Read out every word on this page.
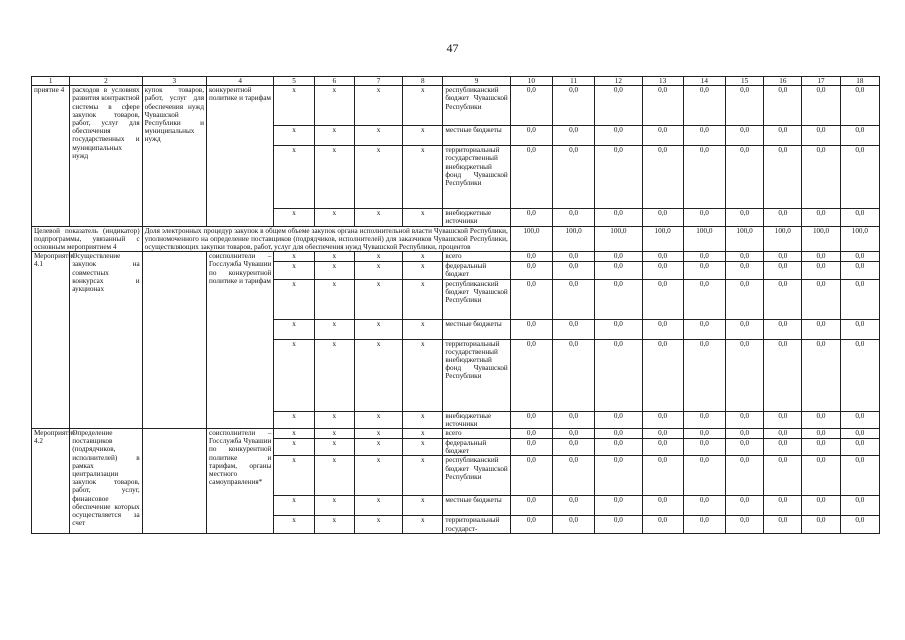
47
1	2	3	4	5	6	7	8	9	10	11	12	13	14	15	16	17	18
приятие 4	расходов в условиях развития контрактной системы в сфере закупок товаров, работ, услуг для обеспечения государственных и муниципальных нужд	купок товаров, работ, услуг для обеспечения нужд Чувашской Республики и муниципальных нужд	конкурентной политике и тарифам	x	x	x	x	республиканский бюджет Чувашской Республики	0,0	0,0	0,0	0,0	0,0	0,0	0,0	0,0	0,0
				x	x	x	x	местные бюджеты	0,0	0,0	0,0	0,0	0,0	0,0	0,0	0,0	0,0
				x	x	x	x	территориальный государственный внебюджетный фонд Чувашской Республики	0,0	0,0	0,0	0,0	0,0	0,0	0,0	0,0	0,0
				x	x	x	x	внебюджетные источники	0,0	0,0	0,0	0,0	0,0	0,0	0,0	0,0	0,0
Целевой показатель (индикатор) подпрограммы, увязанный с основным мероприятием 4		Доля электронных процедур закупок в общем объеме закупок органа исполнительной власти Чувашской Республики, уполномоченного на определение поставщиков (подрядчиков, исполнителей) для заказчиков Чувашской Республики, осуществляющих закупки товаров, работ, услуг для обеспечения нужд Чувашской Республики, процентов							100,0	100,0	100,0	100,0	100,0	100,0	100,0	100,0	100,0
Мероприятие 4.1	Осуществление закупок на совместных конкурсах и аукционах		соисполнители – Госслужба Чувашии по конкурентной политике и тарифам	x	x	x	x	всего	0,0	0,0	0,0	0,0	0,0	0,0	0,0	0,0	0,0
				x	x	x	x	федеральный бюджет	0,0	0,0	0,0	0,0	0,0	0,0	0,0	0,0	0,0
				x	x	x	x	республиканский бюджет Чувашской Республики	0,0	0,0	0,0	0,0	0,0	0,0	0,0	0,0	0,0
				x	x	x	x	местные бюджеты	0,0	0,0	0,0	0,0	0,0	0,0	0,0	0,0	0,0
				x	x	x	x	территориальный государственный внебюджетный фонд Чувашской Республики	0,0	0,0	0,0	0,0	0,0	0,0	0,0	0,0	0,0
				x	x	x	x	внебюджетные источники	0,0	0,0	0,0	0,0	0,0	0,0	0,0	0,0	0,0
Мероприятие 4.2	Определение поставщиков (подрядчиков, исполнителей) в рамках централизации закупок товаров, работ, услуг, финансовое обеспечение которых осуществляется за счет		соисполнители – Госслужба Чувашии по конкурентной политике и тарифам, органы местного самоуправления*	x	x	x	x	всего	0,0	0,0	0,0	0,0	0,0	0,0	0,0	0,0	0,0
				x	x	x	x	федеральный бюджет	0,0	0,0	0,0	0,0	0,0	0,0	0,0	0,0	0,0
				x	x	x	x	республиканский бюджет Чувашской Республики	0,0	0,0	0,0	0,0	0,0	0,0	0,0	0,0	0,0
				x	x	x	x	местные бюджеты	0,0	0,0	0,0	0,0	0,0	0,0	0,0	0,0	0,0
				x	x	x	x	территориальный государст-	0,0	0,0	0,0	0,0	0,0	0,0	0,0	0,0	0,0
